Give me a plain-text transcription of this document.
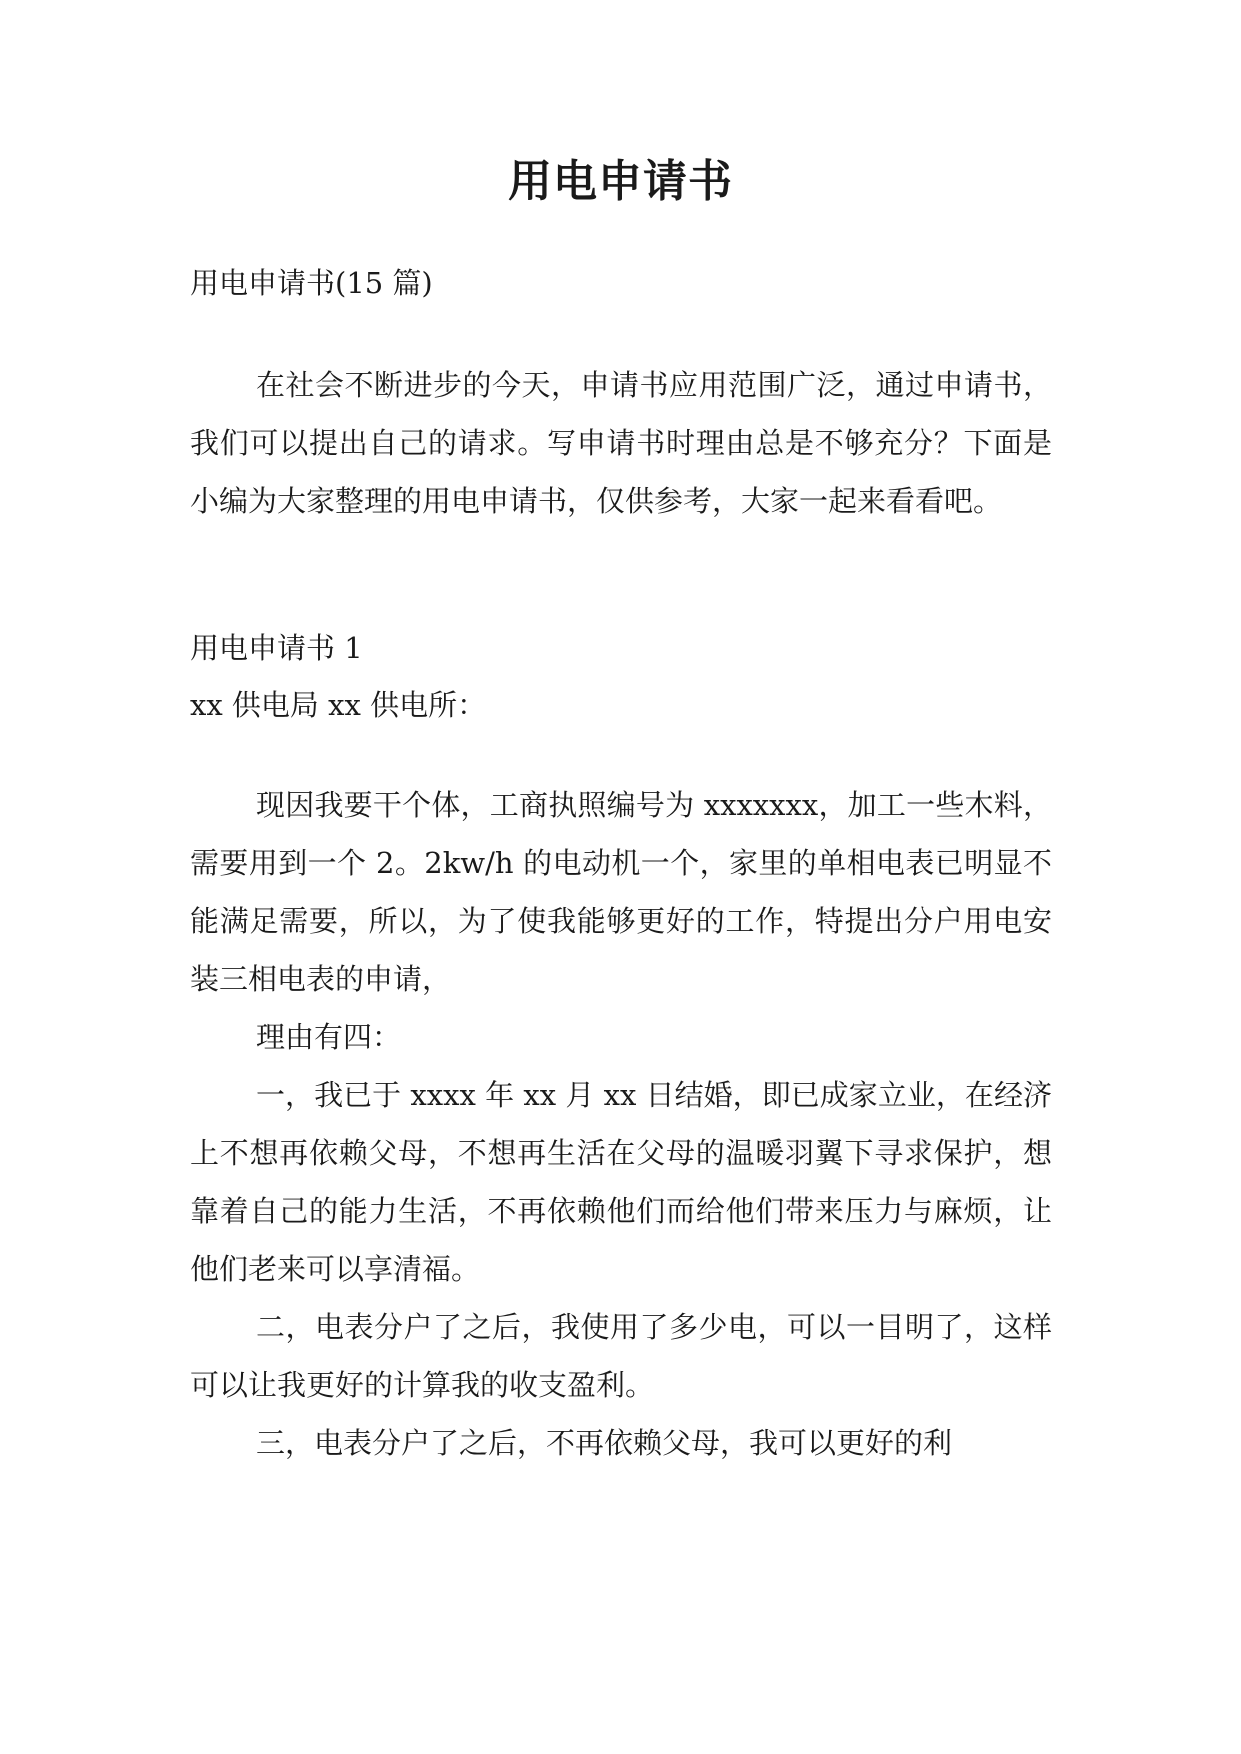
用电申请书

用电申请书(15 篇)

在社会不断进步的今天，申请书应用范围广泛，通过申请书，我们可以提出自己的请求。写申请书时理由总是不够充分？下面是小编为大家整理的用电申请书，仅供参考，大家一起来看看吧。

用电申请书 1

xx 供电局 xx 供电所：

现因我要干个体，工商执照编号为 xxxxxxx，加工一些木料，需要用到一个 2。2kw/h 的电动机一个，家里的单相电表已明显不能满足需要，所以，为了使我能够更好的工作，特提出分户用电安装三相电表的申请，

理由有四：

一，我已于 xxxx 年 xx 月 xx 日结婚，即已成家立业，在经济上不想再依赖父母，不想再生活在父母的温暖羽翼下寻求保护，想靠着自己的能力生活，不再依赖他们而给他们带来压力与麻烦，让他们老来可以享清福。

二，电表分户了之后，我使用了多少电，可以一目明了，这样可以让我更好的计算我的收支盈利。

三，电表分户了之后，不再依赖父母，我可以更好的利
